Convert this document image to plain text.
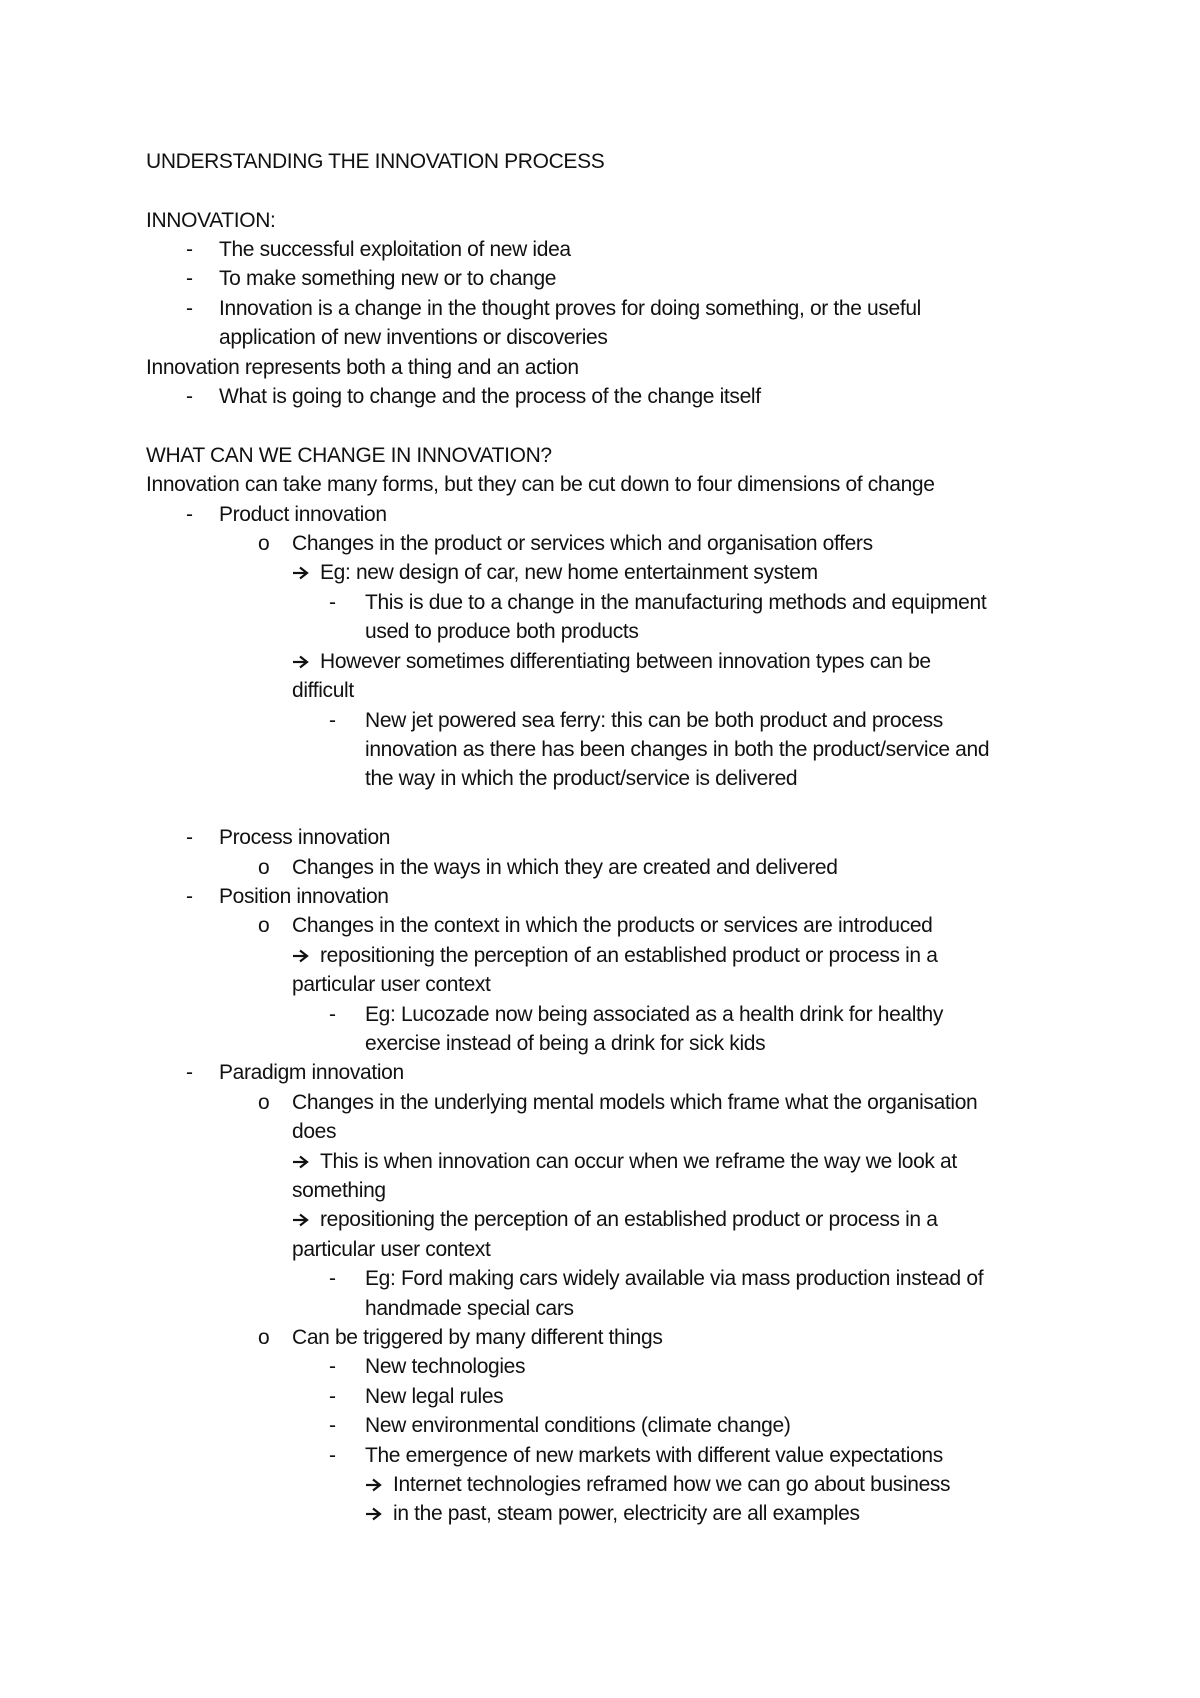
UNDERSTANDING THE INNOVATION PROCESS
INNOVATION:
- The successful exploitation of new idea
- To make something new or to change
- Innovation is a change in the thought proves for doing something, or the useful
application of new inventions or discoveries
Innovation represents both a thing and an action
- What is going to change and the process of the change itself
WHAT CAN WE CHANGE IN INNOVATION?
Innovation can take many forms, but they can be cut down to four dimensions of change
- Product innovation
o Changes in the product or services which and organisation offers
Eg: new design of car, new home entertainment system
- This is due to a change in the manufacturing methods and equipment
used to produce both products
However sometimes differentiating between innovation types can be
difficult
- New jet powered sea ferry: this can be both product and process
innovation as there has been changes in both the product/service and
the way in which the product/service is delivered
- Process innovation
o Changes in the ways in which they are created and delivered
- Position innovation
o Changes in the context in which the products or services are introduced
repositioning the perception of an established product or process in a
particular user context
- Eg: Lucozade now being associated as a health drink for healthy
exercise instead of being a drink for sick kids
- Paradigm innovation
o Changes in the underlying mental models which frame what the organisation
does
This is when innovation can occur when we reframe the way we look at
something
repositioning the perception of an established product or process in a
particular user context
- Eg: Ford making cars widely available via mass production instead of
handmade special cars
o Can be triggered by many different things
- New technologies
- New legal rules
- New environmental conditions (climate change)
- The emergence of new markets with different value expectations
Internet technologies reframed how we can go about business
in the past, steam power, electricity are all examples
